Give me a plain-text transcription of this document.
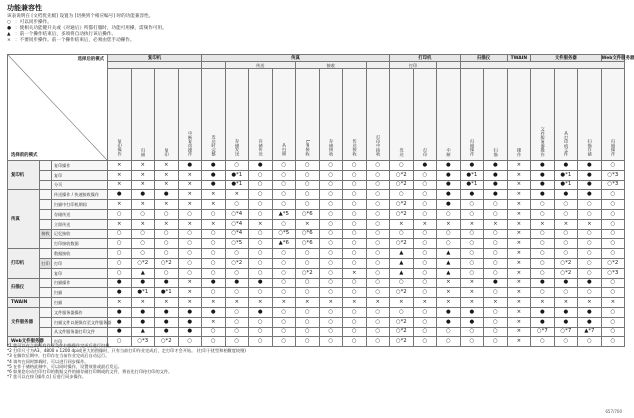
功能兼容性
该表说明在 [文档优先级] 设置为 [切换到个相应编号] 时的功能兼容性。
○ ：可以同步操作。
● ：使相关功能键开关或《对通后》所都打服时，功能可用操，需频作可用。
▲ ：前一个操作结束后，多项将自动执行该后操作。
× ：不要同步操作。前一个操作结束后，必须由您手动操作。
选择后的模式
选择前的模式			复印机				传真								打印机			扫描仪		TWAIN	文件服务器			Web文件服务器
								传送			接收				打印									
			复印操作	扫描	复印	中断复印操作	发送时完整	存储发送	存储传送	从扫描	Lan接收	存储接收	传送接收	打印中接收	发送	打印	中断	扫描操作	扫描	操作	文件服务器操作	从打印机文件	扫描存储	扫描操作
复印机		复印操作	×	×	×	●	●	○	●	○	○	○	○	○	○	●	●	●	●	×	●	●	●	○
		复印	×	×	×	×	●	●*1	○	○	○	○	○	○	○*2	○	●	●*1	●	×	●	●*1	●	○*3
		分页	×	×	×	×	●	●*1	○	○	○	○	○	○	○*2	○	●	●*1	●	×	●	●*1	●	○*3
传真		传送操作 / 快速接收操作	●	●	●	×	×	×	○	○	○	○	○	○	○	○	●	●	●	×	●	●	●	○
		扫描中打印机期间	×	×	×	×	×	○	○	○	○	○	○	○	○*2	○	●	○	○	×	○	○	○	○
		存储传送	○	○	○	○	○	○*4	○	▲*5	○*6	○	○	○	○*2	○	○	○	○	×	○	○	○	○
		立即传送	×	×	×	×	×	○*4	×	○	×	○	○	○	×	×	×	×	×	×	×	×	×	○
	接收	记忆接收	○	○	○	○	○	○*4	○	○*5	○*6	○	○	○	○	○	○	○	○	×	○	○	○	○
		打印接收数据	○	○	○	○	○	○*5	○	▲*6	○*6	○	○	○	○*2	○	○	○	○	×	○	○	○	○
打印机		数据接收	○	○	○	○	○	○	○	○	○	○	○	○	▲	○	▲	○	○	×	○	○	○	○
	打印	打印	○	○*2	○*2	○	○	○*2	○	○	○	○	○	○	▲	○	▲	○	○	×	○	○*2	○	○*2
		复印	○	▲	○	○	○	○	○	○	○*2	○	×	○	▲	○	▲	○	○	×	○	○*2	○	○*3
扫描仪		扫描操作	●	●	●	×	●	●	●	○	○	○	○	○	○	○	×	×	●	×	●	●	●	○
		扫描	●	●*1	●*1	×	○	○	○	○	○	○	○	○	○*2	○	×	×	○	×	○	○	○	○
TWAIN		扫描	×	×	×	×	×	×	×	×	×	×	×	×	×	×	×	×	×	×	×	×	×	×
文件服务器		文件服务器操作	●	●	●	●	●	○	●	○	○	○	○	○	○	○	●	●	○	×	●	●	●	○
		扫描文件以便保存至文件服务器	●	●	●	●	×	○	○	○	○	○	○	○	○*2	○	●	●	○	×	●	●	●	○
		从文件服务器打印文件	●	▲	●	●	○	○	○	○	○	○	○	○	○*2	○	○	○	○	×	○*7	○*7	▲*7	○
Web文件服务器		打印	○	○*3	○*2	○	○	○	○	○	○	○	○	○	○*2	○	○	○	○	×	○	○	○	○
*1 您可以在之前所有作业交件扫描操作完成后进行扫描。
*2 打印尺寸为A3、4800 x 1200 dpi或更大的图像时，只有当前打印作业完成后，走打印才会开始。 (打印干扰型和柏敷度较慢)
*3 在解饮后期中，打印存在当前作业完成后自动运行。
*4 请勿在同时卸载时，可以进行同步操作。
*5 在作于储格此制中，可以同时操作，设置效准或最后发运。
*6 如果您启动打印打印的数据文件的储存储打印期或的文件，将首先打印待打印的文件。
*7 您可以在按 [操作点] 后进行同步操作。
657/700
